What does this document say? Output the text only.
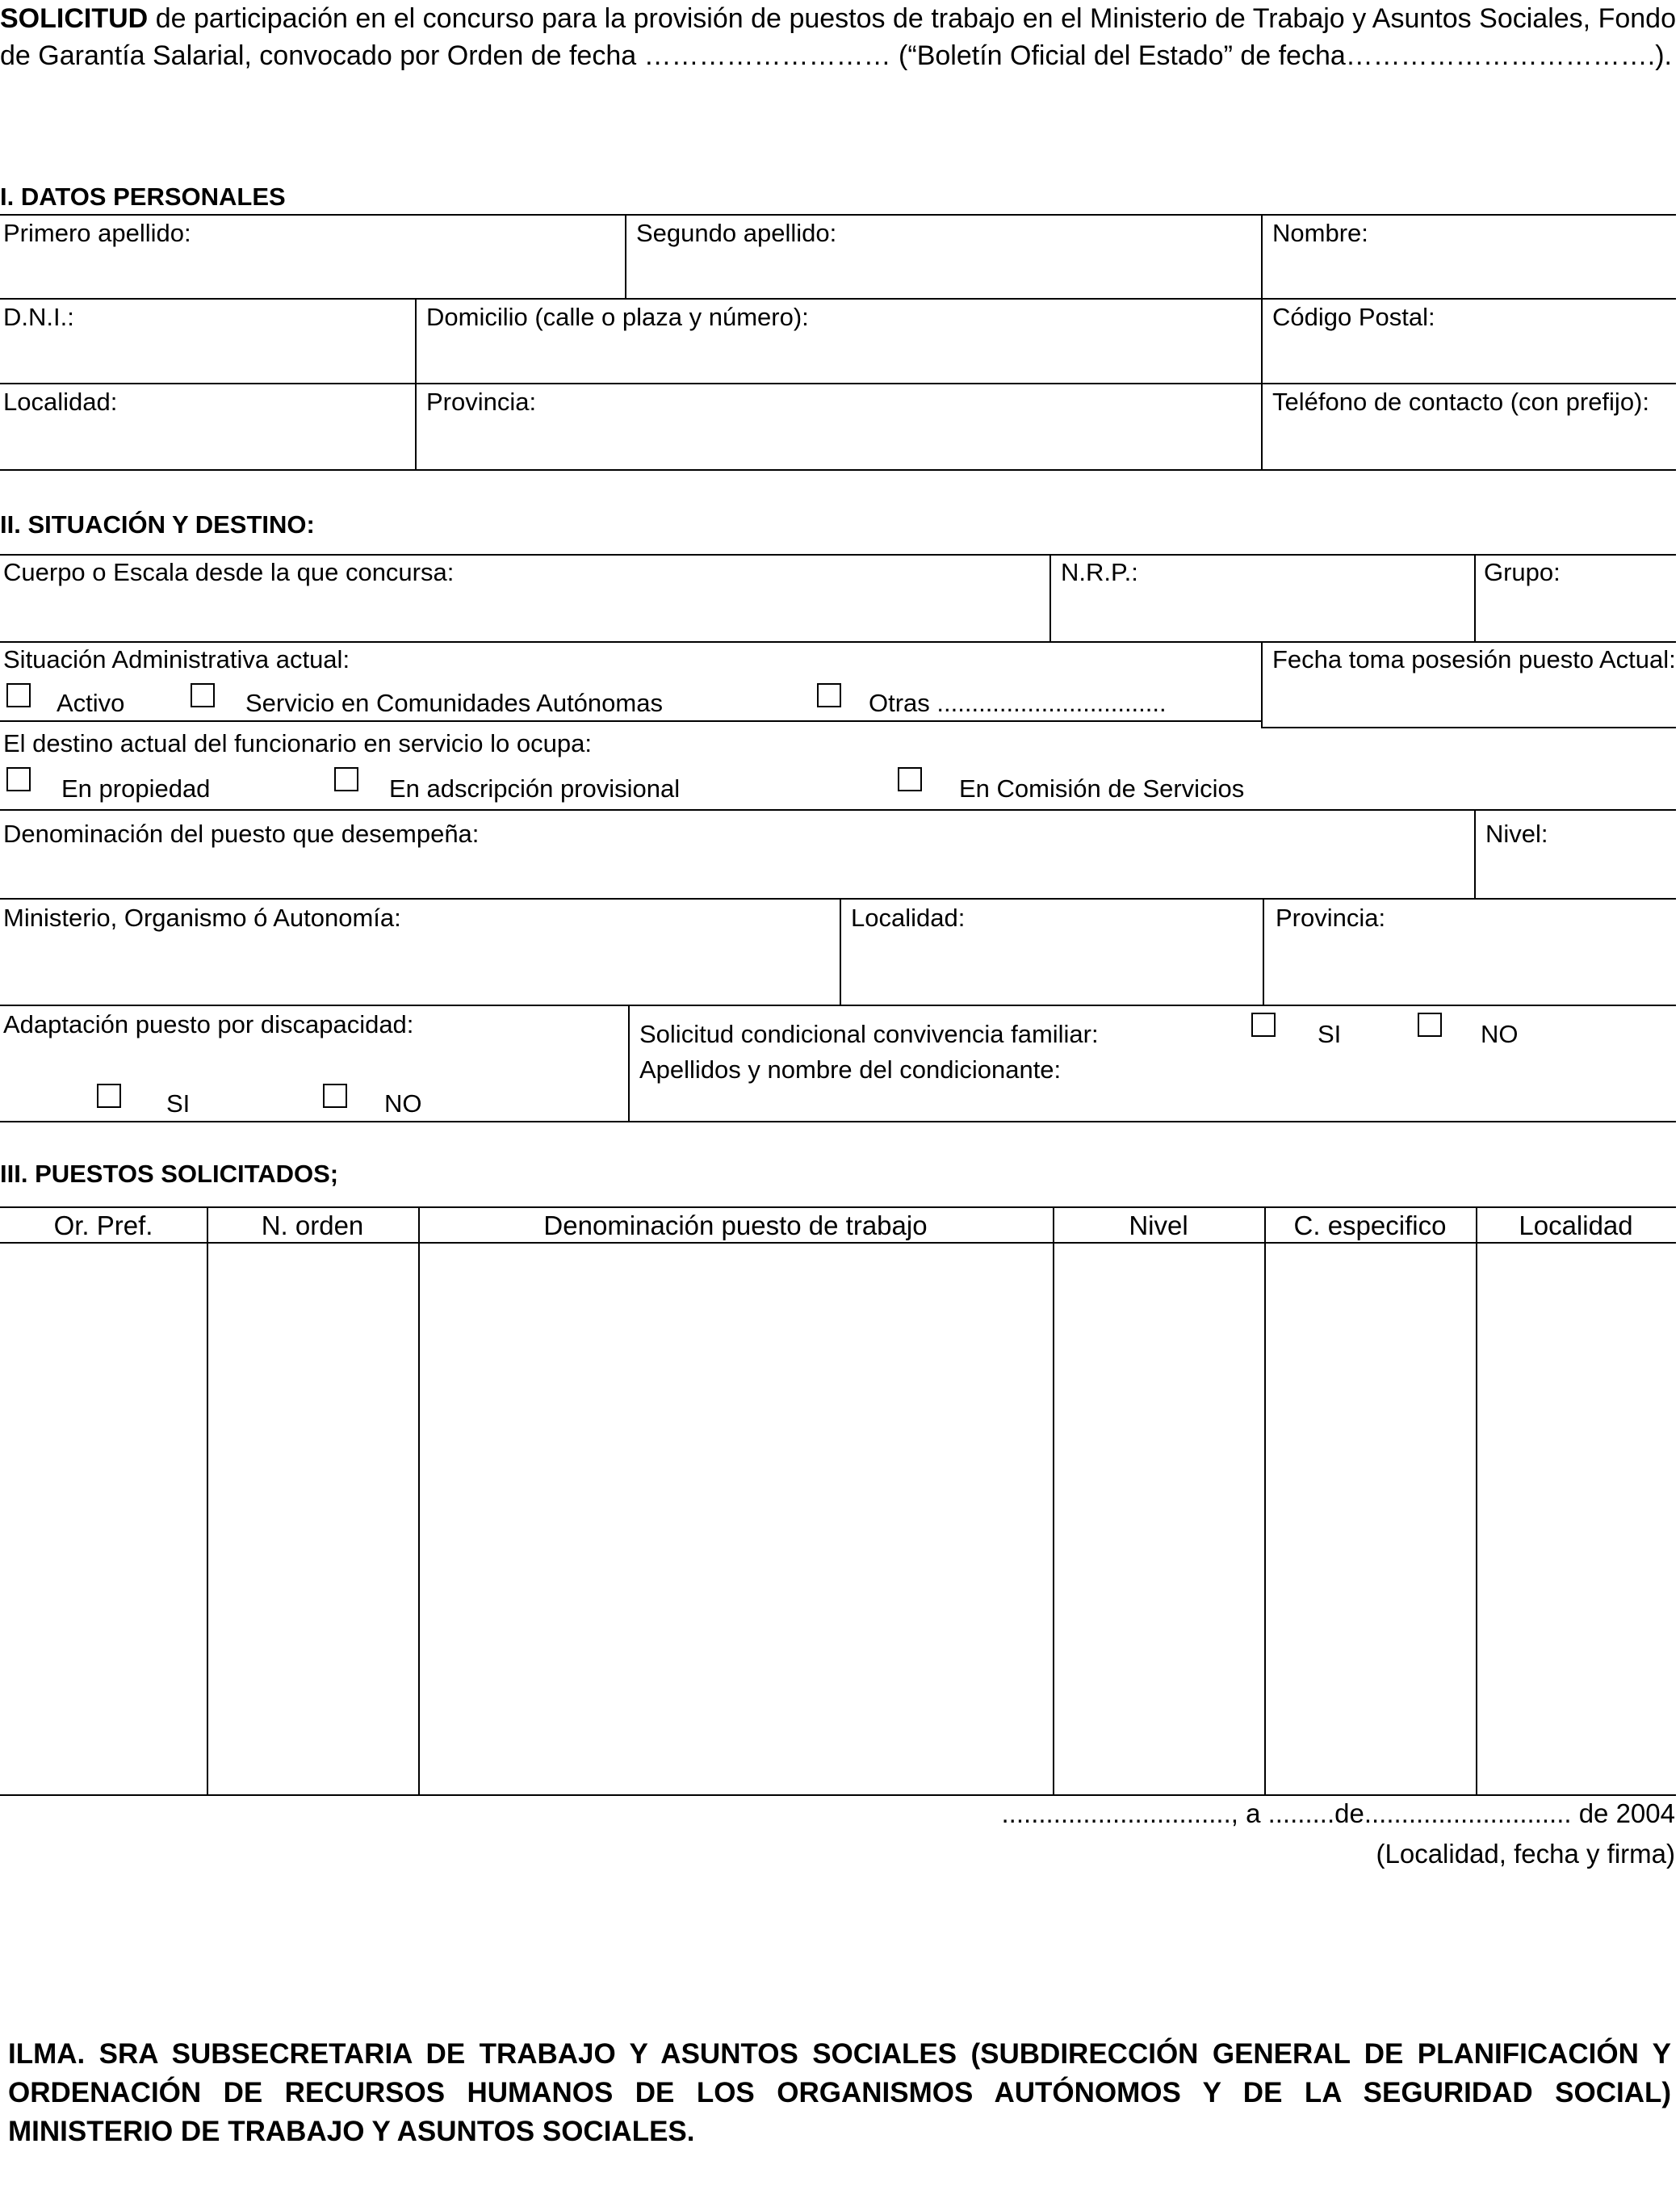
SOLICITUD de participación en el concurso para la provisión de puestos de trabajo en el Ministerio de Trabajo y Asuntos Sociales, Fondo de Garantía Salarial, convocado por Orden de fecha ……………………… (“Boletín Oficial del Estado” de fecha…………………………….).
I. DATOS PERSONALES
Primero apellido:	Segundo apellido:	Nombre:
D.N.I.:	Domicilio (calle o plaza y número):	Código Postal:
Localidad:	Provincia:	Teléfono de contacto (con prefijo):
II. SITUACIÓN Y DESTINO:
Cuerpo o Escala desde la que concursa:	N.R.P.:	Grupo:
Situación Administrativa actual:
Activo	Servicio en Comunidades Autónomas	Otras .................................
Fecha toma posesión puesto Actual:
El destino actual del funcionario en servicio lo ocupa:
En propiedad	En adscripción provisional	En Comisión de Servicios
Denominación del puesto que desempeña:	Nivel:
Ministerio, Organismo ó Autonomía:	Localidad:	Provincia:
Adaptación puesto por discapacidad:
SI	NO
Solicitud condicional convivencia familiar:	SI	NO
Apellidos y nombre del condicionante:
III. PUESTOS SOLICITADOS;
Or. Pref.	N. orden	Denominación puesto de trabajo	Nivel	C. especifico	Localidad
..............................., a .........de............................ de 2004
(Localidad, fecha y firma)
ILMA. SRA SUBSECRETARIA DE TRABAJO Y ASUNTOS SOCIALES (SUBDIRECCIÓN GENERAL DE PLANIFICACIÓN Y ORDENACIÓN DE RECURSOS HUMANOS DE LOS ORGANISMOS AUTÓNOMOS Y DE LA SEGURIDAD SOCIAL) MINISTERIO DE TRABAJO Y ASUNTOS SOCIALES.
